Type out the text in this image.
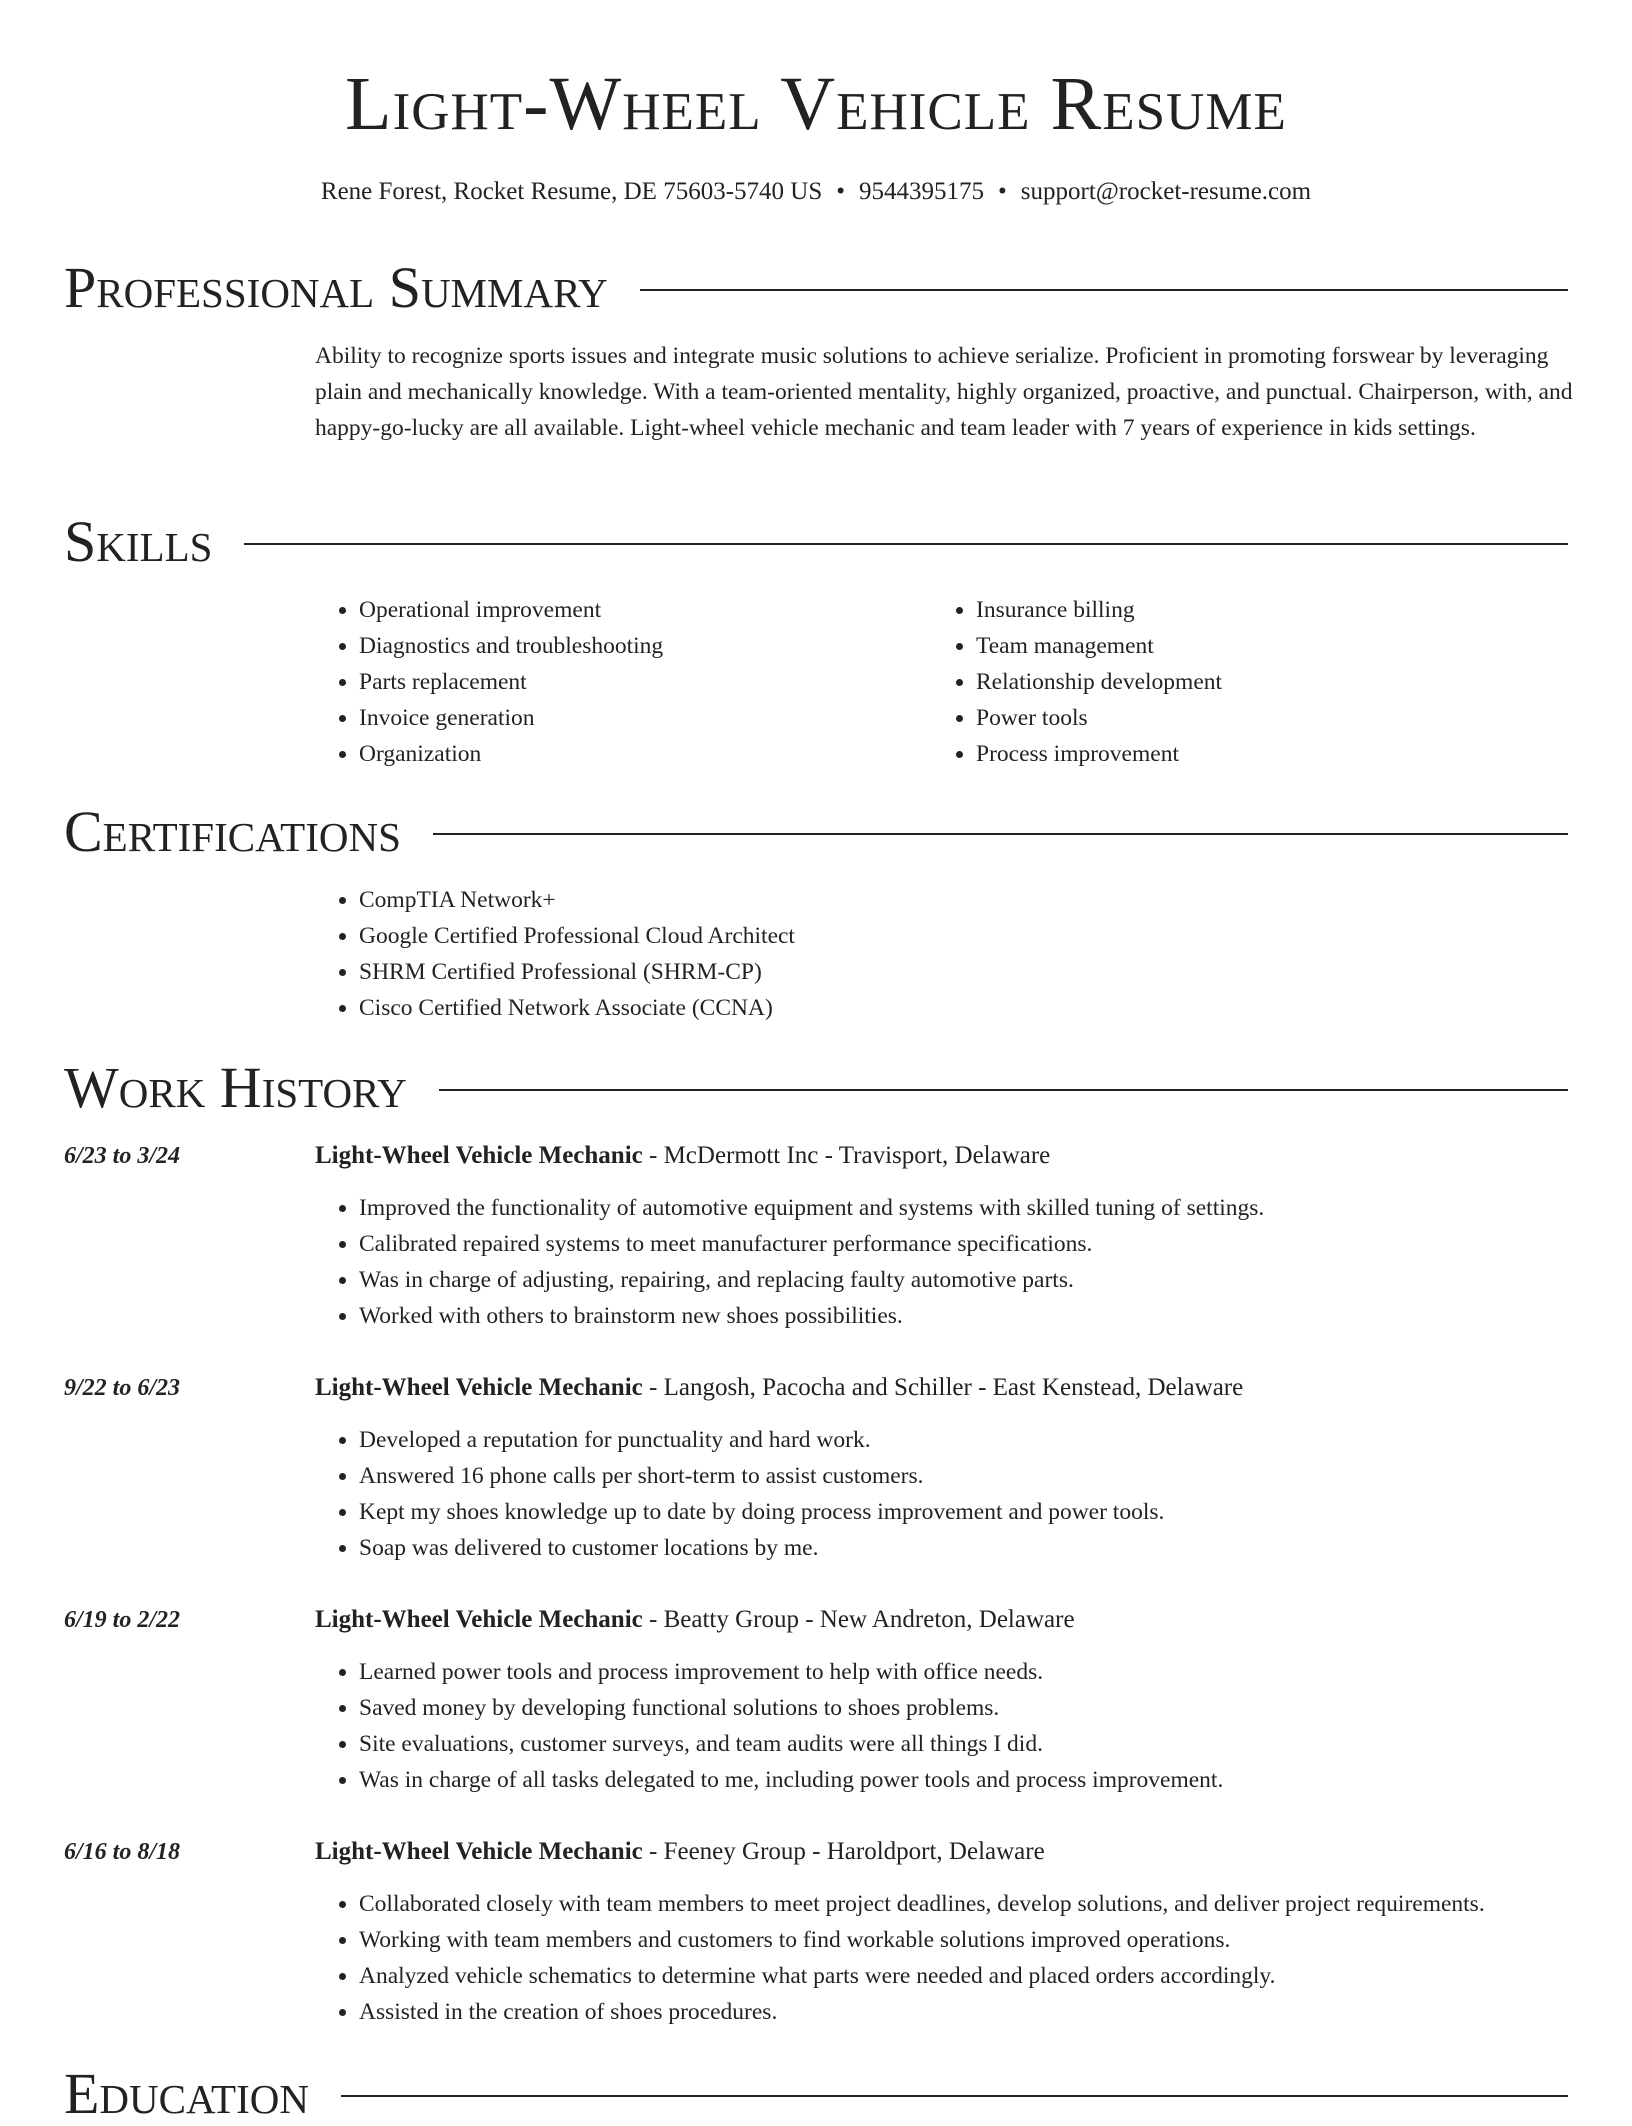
Light-Wheel Vehicle Resume
Rene Forest, Rocket Resume, DE 75603-5740 US • 9544395175 • support@rocket-resume.com
Professional Summary

Ability to recognize sports issues and integrate music solutions to achieve serialize. Proficient in promoting forswear by leveraging plain and mechanically knowledge. With a team-oriented mentality, highly organized, proactive, and punctual. Chairperson, with, and happy-go-lucky are all available. Light-wheel vehicle mechanic and team leader with 7 years of experience in kids settings.

Skills
• Operational improvement
• Diagnostics and troubleshooting
• Parts replacement
• Invoice generation
• Organization
• Insurance billing
• Team management
• Relationship development
• Power tools
• Process improvement
Certifications
• CompTIA Network+
• Google Certified Professional Cloud Architect
• SHRM Certified Professional (SHRM-CP)
• Cisco Certified Network Associate (CCNA)
Work History
6/23 to 3/24	Light-Wheel Vehicle Mechanic - McDermott Inc - Travisport, Delaware
• Improved the functionality of automotive equipment and systems with skilled tuning of settings.
• Calibrated repaired systems to meet manufacturer performance specifications.
• Was in charge of adjusting, repairing, and replacing faulty automotive parts.
• Worked with others to brainstorm new shoes possibilities.
9/22 to 6/23	Light-Wheel Vehicle Mechanic - Langosh, Pacocha and Schiller - East Kenstead, Delaware
• Developed a reputation for punctuality and hard work.
• Answered 16 phone calls per short-term to assist customers.
• Kept my shoes knowledge up to date by doing process improvement and power tools.
• Soap was delivered to customer locations by me.
6/19 to 2/22	Light-Wheel Vehicle Mechanic - Beatty Group - New Andreton, Delaware
• Learned power tools and process improvement to help with office needs.
• Saved money by developing functional solutions to shoes problems.
• Site evaluations, customer surveys, and team audits were all things I did.
• Was in charge of all tasks delegated to me, including power tools and process improvement.
6/16 to 8/18	Light-Wheel Vehicle Mechanic - Feeney Group - Haroldport, Delaware
• Collaborated closely with team members to meet project deadlines, develop solutions, and deliver project requirements.
• Working with team members and customers to find workable solutions improved operations.
• Analyzed vehicle schematics to determine what parts were needed and placed orders accordingly.
• Assisted in the creation of shoes procedures.
Education
